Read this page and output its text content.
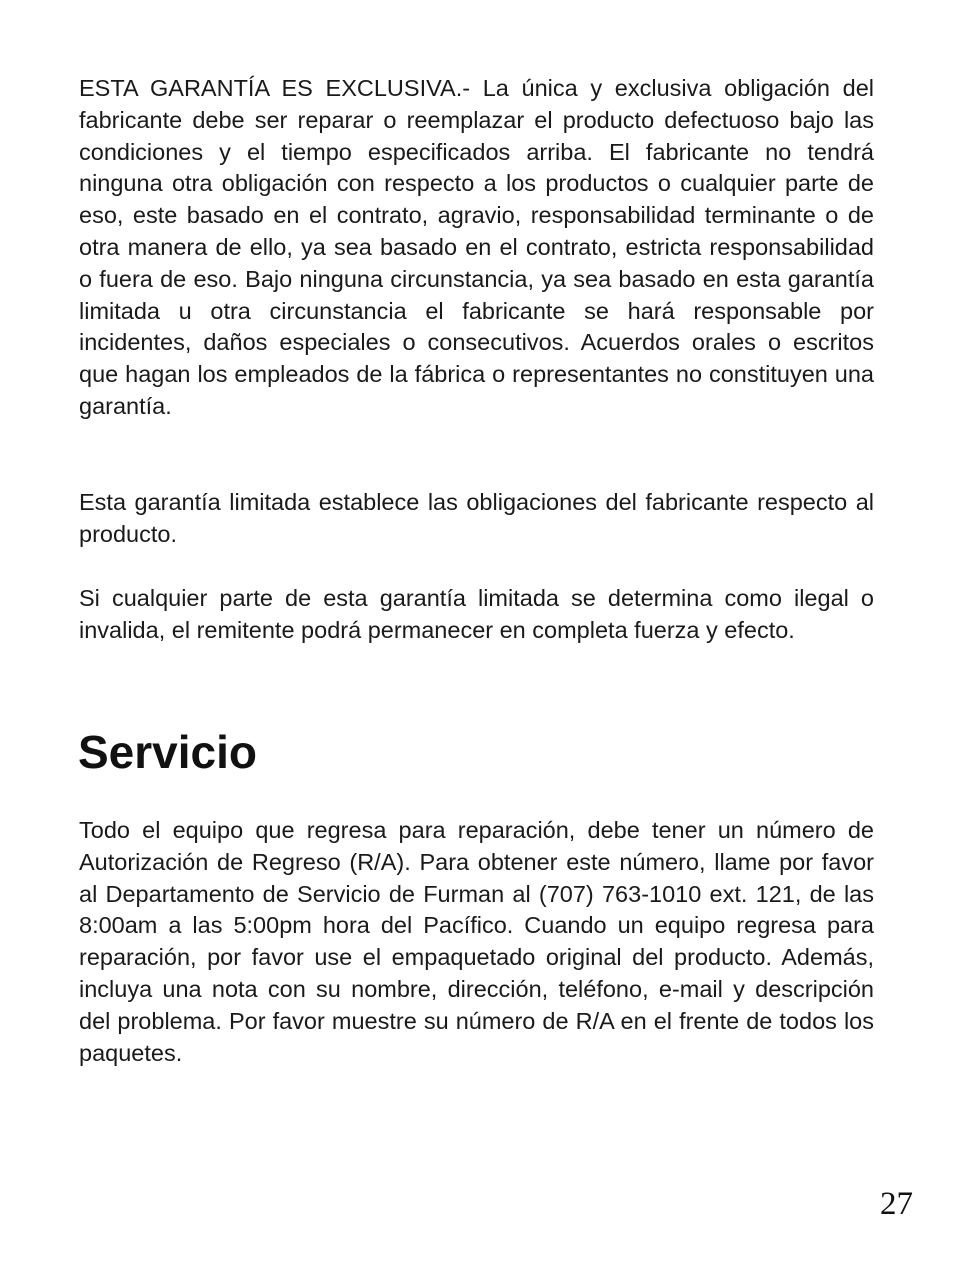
ESTA GARANTÍA ES EXCLUSIVA.- La única y exclusiva obligación del fabricante debe ser reparar o reemplazar el producto defectuoso bajo las condiciones y el tiempo especificados arriba. El fabricante no tendrá ninguna otra obligación con respecto a los productos o cualquier parte de eso, este basado en el contrato, agravio, responsabilidad terminante o de otra manera de ello, ya sea basado en el contrato, estricta responsabilidad o fuera de eso. Bajo ninguna circunstancia, ya sea basado en esta garantía limitada u otra circunstancia el fabricante se hará responsable por incidentes, daños especiales o consecutivos. Acuerdos orales o escritos que hagan los empleados de la fábrica o representantes no constituyen una garantía.

Esta garantía limitada establece las obligaciones del fabricante respecto al producto.

Si cualquier parte de esta garantía limitada se determina como ilegal o invalida, el remitente podrá permanecer en completa fuerza y efecto.

Servicio

Todo el equipo que regresa para reparación, debe tener un número de Autorización de Regreso (R/A). Para obtener este número, llame por favor al Departamento de Servicio de Furman al (707) 763-1010 ext. 121, de las 8:00am a las 5:00pm hora del Pacífico. Cuando un equipo regresa para reparación, por favor use el empaquetado original del producto. Además, incluya una nota con su nombre, dirección, teléfono, e-mail y descripción del problema. Por favor muestre su número de R/A en el frente de todos los paquetes.

27
